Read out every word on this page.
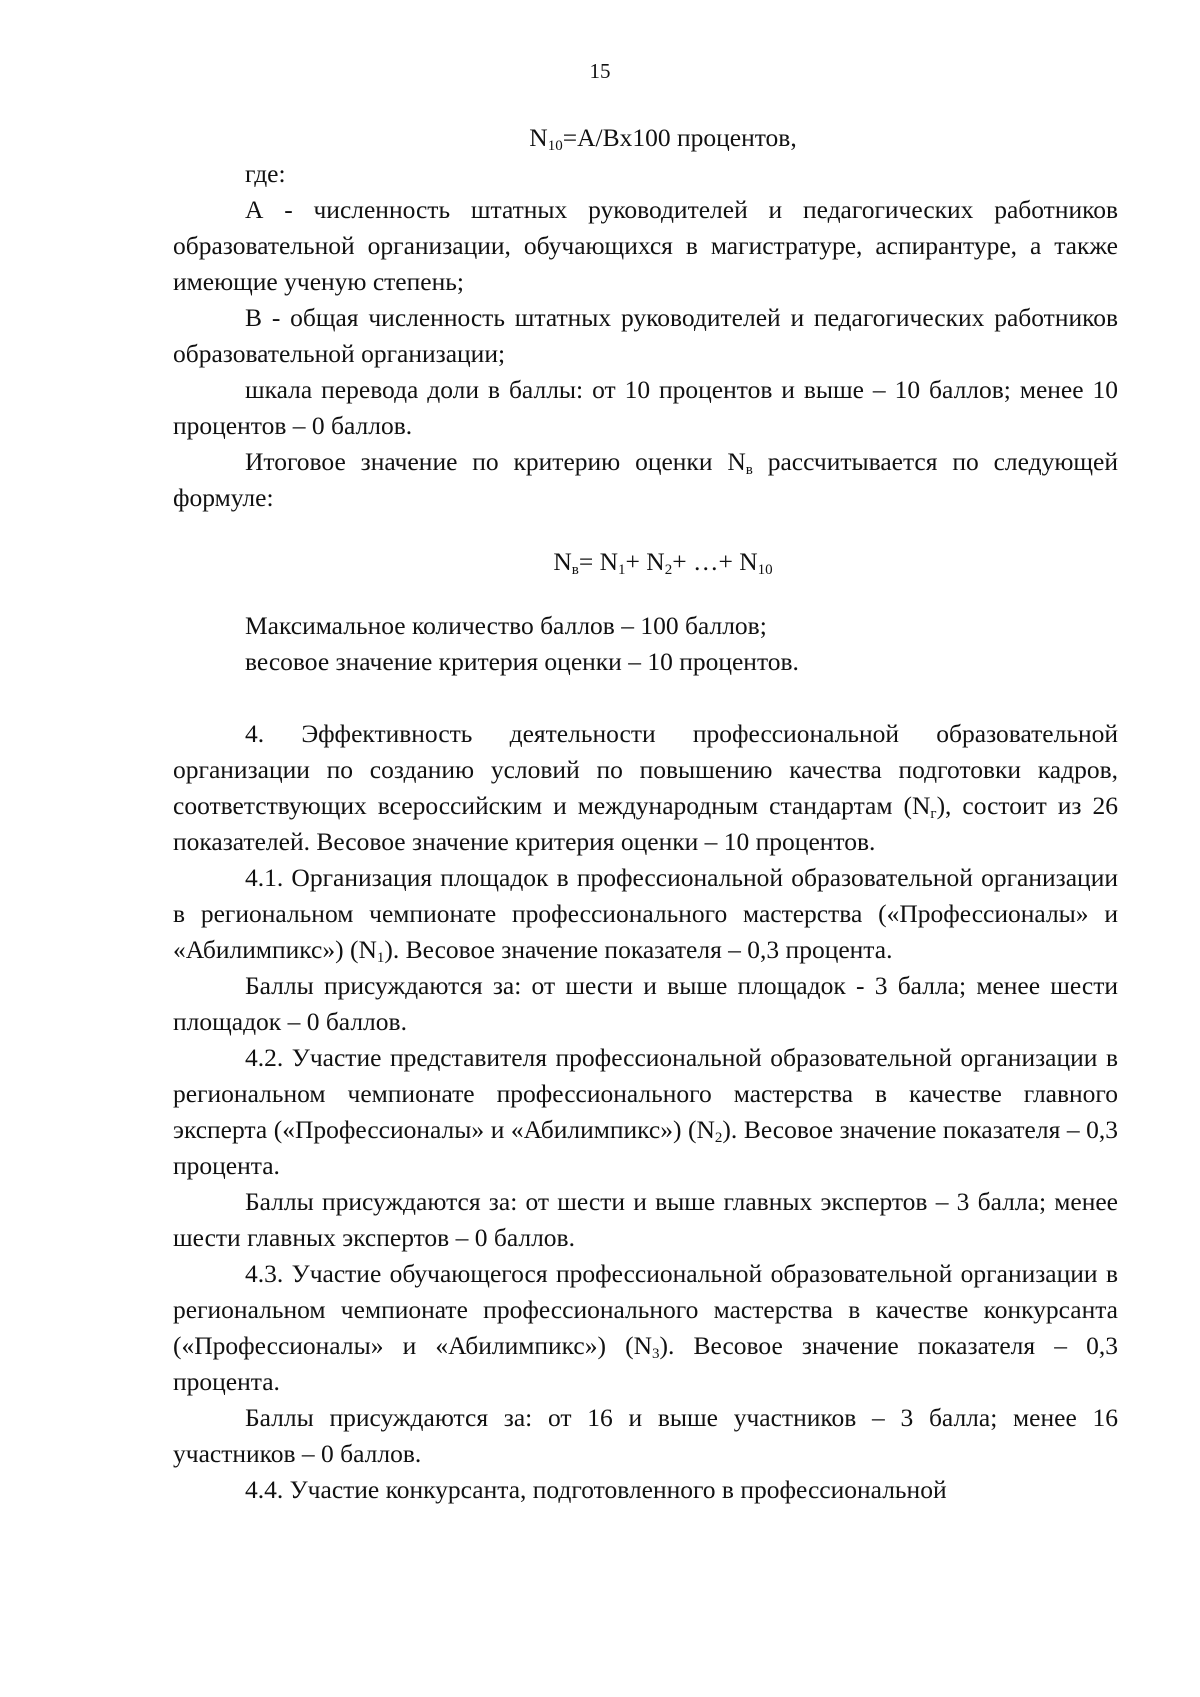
15

$N_{10}=A/Bх100$ процентов,

где:

А - численность штатных руководителей и педагогических работников образовательной организации, обучающихся в магистратуре, аспирантуре, а также имеющие ученую степень;

В - общая численность штатных руководителей и педагогических работников образовательной организации;

шкала перевода доли в баллы: от 10 процентов и выше – 10 баллов; менее 10 процентов – 0 баллов.

Итоговое значение по критерию оценки $N_в$ рассчитывается по следующей формуле:

$N_в= N_1+ N_2+$ …+ $N_{10}$

Максимальное количество баллов – 100 баллов;

весовое значение критерия оценки – 10 процентов.

4. Эффективность деятельности профессиональной образовательной организации по созданию условий по повышению качества подготовки кадров, соответствующих всероссийским и международным стандартам $(N_г)$, состоит из 26 показателей. Весовое значение критерия оценки – 10 процентов.

4.1. Организация площадок в профессиональной образовательной организации в региональном чемпионате профессионального мастерства («Профессионалы» и «Абилимпикс») $(N_1)$. Весовое значение показателя – 0,3 процента.

Баллы присуждаются за: от шести и выше площадок - 3 балла; менее шести площадок – 0 баллов.

4.2. Участие представителя профессиональной образовательной организации в региональном чемпионате профессионального мастерства в качестве главного эксперта («Профессионалы» и «Абилимпикс») $(N_2)$. Весовое значение показателя – 0,3 процента.

Баллы присуждаются за: от шести и выше главных экспертов – 3 балла; менее шести главных экспертов – 0 баллов.

4.3. Участие обучающегося профессиональной образовательной организации в региональном чемпионате профессионального мастерства в качестве конкурсанта («Профессионалы» и «Абилимпикс») $(N_3)$. Весовое значение показателя – 0,3 процента.

Баллы присуждаются за: от 16 и выше участников – 3 балла; менее 16 участников – 0 баллов.

4.4. Участие конкурсанта, подготовленного в профессиональной
